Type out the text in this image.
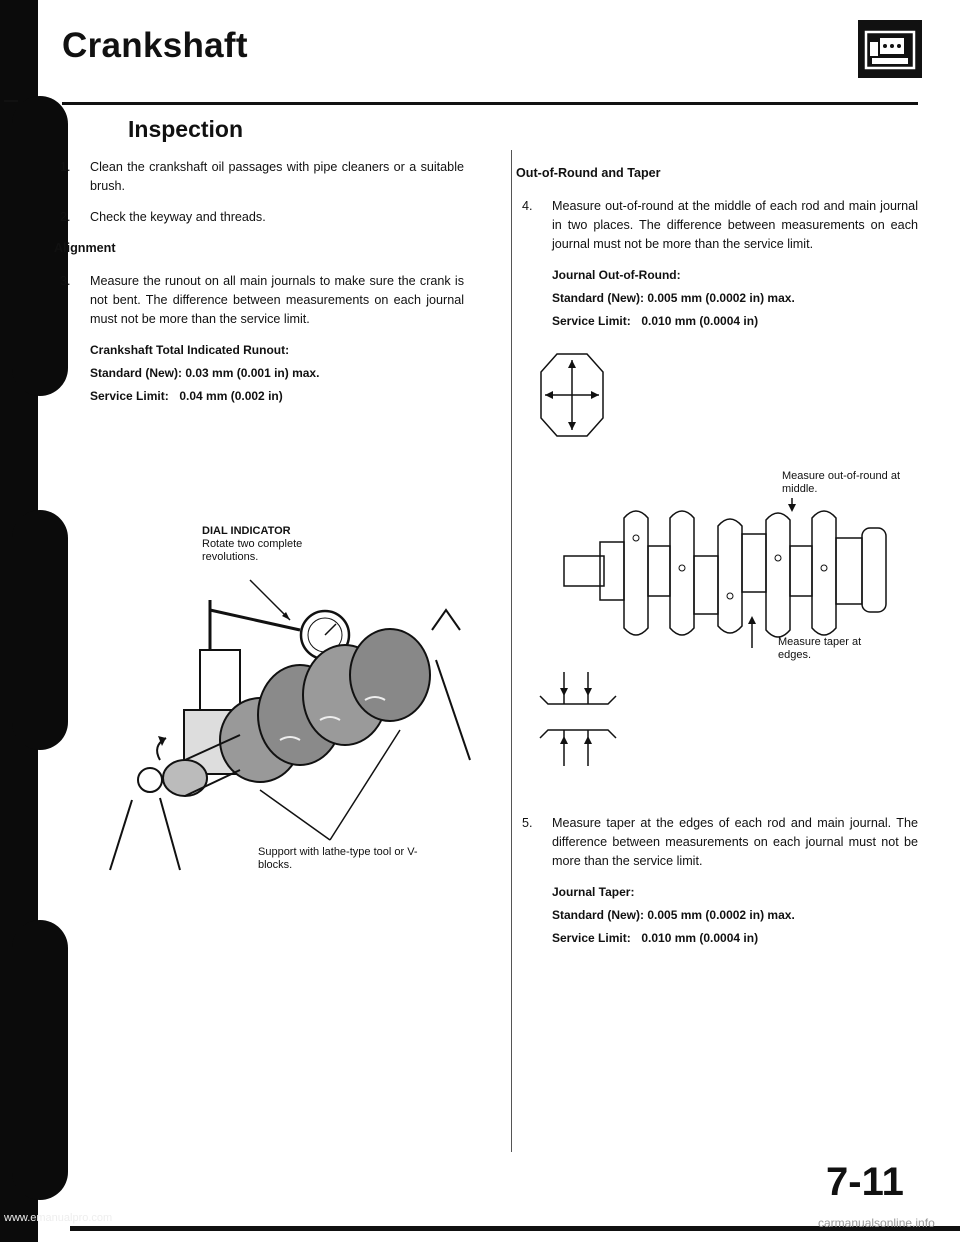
Crankshaft
Inspection
1.	Clean the crankshaft oil passages with pipe cleaners or a suitable brush.
2.	Check the keyway and threads.
Alignment
3.	Measure the runout on all main journals to make sure the crank is not bent. The difference between measurements on each journal must not be more than the service limit.
Crankshaft Total Indicated Runout:
Standard (New): 0.03 mm (0.001 in) max.
Service Limit: 0.04 mm (0.002 in)
DIAL INDICATOR
Rotate two complete revolutions.
Support with lathe-type tool or V-blocks.
Out-of-Round and Taper
4.	Measure out-of-round at the middle of each rod and main journal in two places. The difference between measurements on each journal must not be more than the service limit.
Journal Out-of-Round:
Standard (New): 0.005 mm (0.0002 in) max.
Service Limit: 0.010 mm (0.0004 in)
Measure out-of-round at middle.
Measure taper at edges.
5.	Measure taper at the edges of each rod and main journal. The difference between measurements on each journal must not be more than the service limit.
Journal Taper:
Standard (New): 0.005 mm (0.0002 in) max.
Service Limit: 0.010 mm (0.0004 in)
7-11
www.emanualpro.com	carmanualsonline.info
